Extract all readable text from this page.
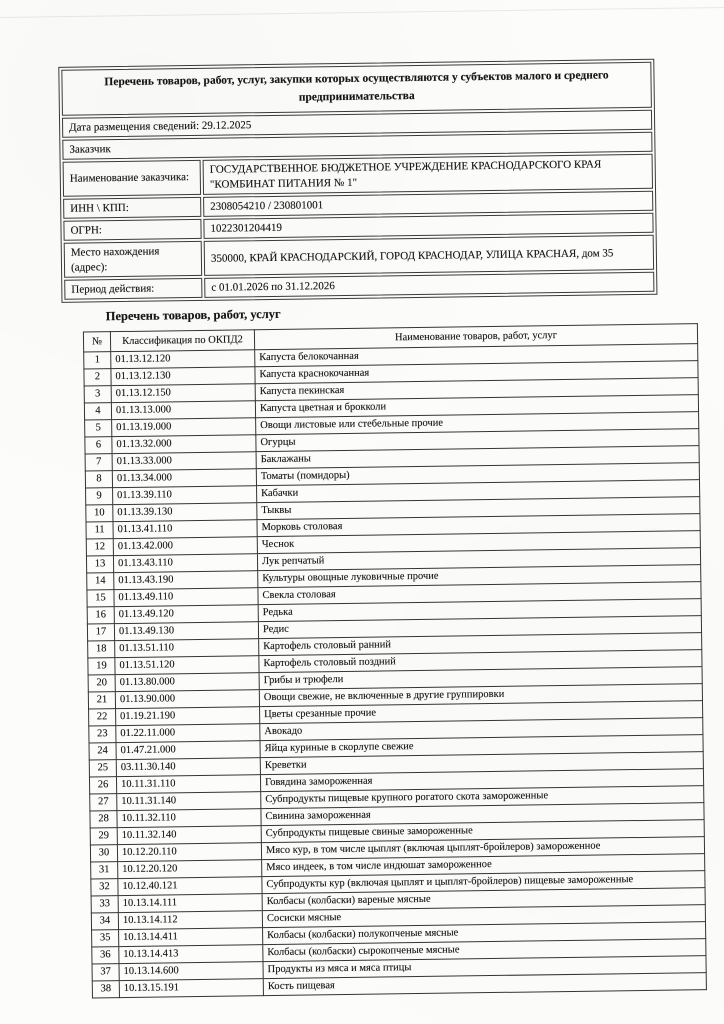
Перечень товаров, работ, услуг, закупки которых осуществляются у субъектов малого и среднего предпринимательства	
Дата размещения сведений: 29.12.2025	
Заказчик	
Наименование заказчика:	ГОСУДАРСТВЕННОЕ БЮДЖЕТНОЕ УЧРЕЖДЕНИЕ КРАСНОДАРСКОГО КРАЯ "КОМБИНАТ ПИТАНИЯ № 1"
ИНН \ КПП:	2308054210 / 230801001
ОГРН:	1022301204419
Место нахождения (адрес):	350000, КРАЙ КРАСНОДАРСКИЙ, ГОРОД КРАСНОДАР, УЛИЦА КРАСНАЯ, дом 35
Период действия:	с 01.01.2026 по 31.12.2026
Перечень товаров, работ, услуг
№	Классификация по ОКПД2	Наименование товаров, работ, услуг
1	01.13.12.120	Капуста белокочанная
2	01.13.12.130	Капуста краснокочанная
3	01.13.12.150	Капуста пекинская
4	01.13.13.000	Капуста цветная и брокколи
5	01.13.19.000	Овощи листовые или стебельные прочие
6	01.13.32.000	Огурцы
7	01.13.33.000	Баклажаны
8	01.13.34.000	Томаты (помидоры)
9	01.13.39.110	Кабачки
10	01.13.39.130	Тыквы
11	01.13.41.110	Морковь столовая
12	01.13.42.000	Чеснок
13	01.13.43.110	Лук репчатый
14	01.13.43.190	Культуры овощные луковичные прочие
15	01.13.49.110	Свекла столовая
16	01.13.49.120	Редька
17	01.13.49.130	Редис
18	01.13.51.110	Картофель столовый ранний
19	01.13.51.120	Картофель столовый поздний
20	01.13.80.000	Грибы и трюфели
21	01.13.90.000	Овощи свежие, не включенные в другие группировки
22	01.19.21.190	Цветы срезанные прочие
23	01.22.11.000	Авокадо
24	01.47.21.000	Яйца куриные в скорлупе свежие
25	03.11.30.140	Креветки
26	10.11.31.110	Говядина замороженная
27	10.11.31.140	Субпродукты пищевые крупного рогатого скота замороженные
28	10.11.32.110	Свинина замороженная
29	10.11.32.140	Субпродукты пищевые свиные замороженные
30	10.12.20.110	Мясо кур, в том числе цыплят (включая цыплят-бройлеров) замороженное
31	10.12.20.120	Мясо индеек, в том числе индюшат замороженное
32	10.12.40.121	Субпродукты кур (включая цыплят и цыплят-бройлеров) пищевые замороженные
33	10.13.14.111	Колбасы (колбаски) вареные мясные
34	10.13.14.112	Сосиски мясные
35	10.13.14.411	Колбасы (колбаски) полукопченые мясные
36	10.13.14.413	Колбасы (колбаски) сырокопченые мясные
37	10.13.14.600	Продукты из мяса и мяса птицы
38	10.13.15.191	Кость пищевая
